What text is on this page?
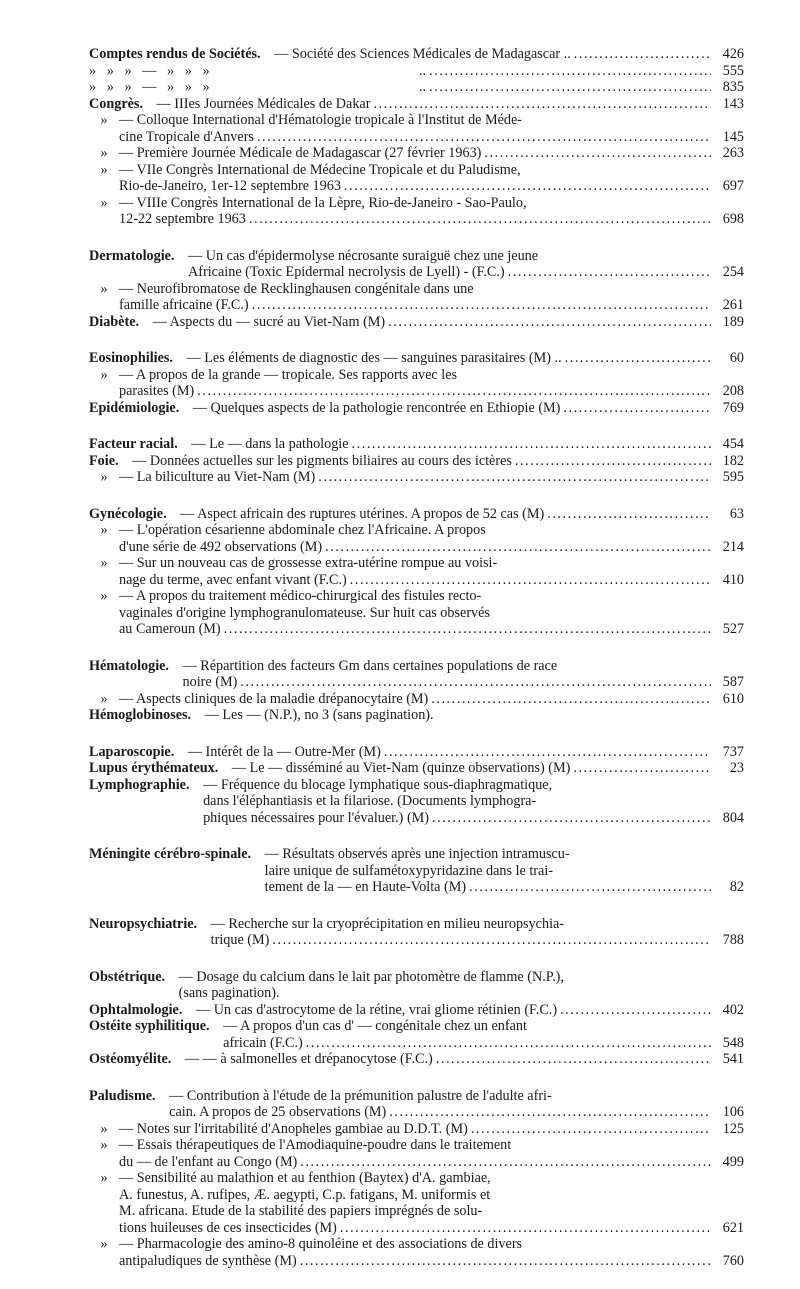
Comptes rendus de Sociétés.
— Société des Sciences Médicales de Madagascar .. . . .	426
»   »   »   —   »   »   »	.. . . .	555
»   »   »   —   »   »   »	.. . . .	835
Congrès.
— IIIes Journées Médicales de Dakar . . .	143
» — Colloque International d'Hématologie tropicale à l'Institut de Méde-
cine Tropicale d'Anvers . . .	145
» — Première Journée Médicale de Madagascar (27 février 1963) . . .	263
» — VIIe Congrès International de Médecine Tropicale et du Paludisme,
Rio-de-Janeiro, 1er-12 septembre 1963 . . .	697
» — VIIIe Congrès International de la Lèpre, Rio-de-Janeiro - Sao-Paulo,
12-22 septembre 1963 . . .	698
Dermatologie.
— Un cas d'épidermolyse nécrosante suraiguë chez une jeune
Africaine (Toxic Epidermal necrolysis de Lyell) - (F.C.) . . .	254
» — Neurofibromatose de Recklinghausen congénitale dans une
famille africaine (F.C.) . . .	261
Diabète.
— Aspects du — sucré au Viet-Nam (M) . . .	189
Eosinophilies.
— Les éléments de diagnostic des — sanguines parasitaires (M) .. . . .	60
» — A propos de la grande — tropicale. Ses rapports avec les
parasites (M) . . .	208
Epidémiologie.
— Quelques aspects de la pathologie rencontrée en Ethiopie (M) . . .	769
Facteur racial.
— Le — dans la pathologie . . .	454
Foie.
— Données actuelles sur les pigments biliaires au cours des ictères . . .	182
» — La biliculture au Viet-Nam (M) . . .	595
Gynécologie.
— Aspect africain des ruptures utérines. A propos de 52 cas (M) . . .	63
» — L'opération césarienne abdominale chez l'Africaine. A propos
d'une série de 492 observations (M) . . .	214
» — Sur un nouveau cas de grossesse extra-utérine rompue au voisi-
nage du terme, avec enfant vivant (F.C.) . . .	410
» — A propos du traitement médico-chirurgical des fistules recto-
vaginales d'origine lymphogranulomateuse. Sur huit cas observés
au Cameroun (M) . . .	527
Hématologie.
— Répartition des facteurs Gm dans certaines populations de race
noire (M) . . .	587
» — Aspects cliniques de la maladie drépanocytaire (M) . . .	610
Hémoglobinoses.
— Les — (N.P.), no 3 (sans pagination).
Laparoscopie.
— Intérêt de la — Outre-Mer (M) . . .	737
Lupus érythémateux.
— Le — disséminé au Viet-Nam (quinze observations) (M) . . .	23
Lymphographie.
— Fréquence du blocage lymphatique sous-diaphragmatique,
dans l'éléphantiasis et la filariose. (Documents lymphogra-
phiques nécessaires pour l'évaluer.) (M) . . .	804
Méningite cérébro-spinale.
— Résultats observés après une injection intramuscu-
laire unique de sulfamétoxypyridazine dans le trai-
tement de la — en Haute-Volta (M) . . .	82
Neuropsychiatrie.
— Recherche sur la cryoprécipitation en milieu neuropsychia-
trique (M) . . .	788
Obstétrique.
— Dosage du calcium dans le lait par photomètre de flamme (N.P.),
(sans pagination).
Ophtalmologie.
— Un cas d'astrocytome de la rétine, vrai gliome rétinien (F.C.) . . .	402
Ostéite syphilitique.
— A propos d'un cas d' — congénitale chez un enfant
africain (F.C.) . . .	548
Ostéomyélite.
— — à salmonelles et drépanocytose (F.C.) . . .	541
Paludisme.
— Contribution à l'étude de la prémunition palustre de l'adulte afri-
cain. A propos de 25 observations (M) . . .	106
» — Notes sur l'irritabilité d'Anopheles gambiae au D.D.T. (M) . . .	125
» — Essais thérapeutiques de l'Amodiaquine-poudre dans le traitement
du — de l'enfant au Congo (M) . . .	499
» — Sensibilité au malathion et au fenthion (Baytex) d'A. gambiae,
A. funestus, A. rufipes, Æ. aegypti, C.p. fatigans, M. uniformis et
M. africana. Etude de la stabilité des papiers imprégnés de solu-
tions huileuses de ces insecticides (M) . . .	621
» — Pharmacologie des amino-8 quinoléine et des associations de divers
antipaludiques de synthèse (M) . . .	760
